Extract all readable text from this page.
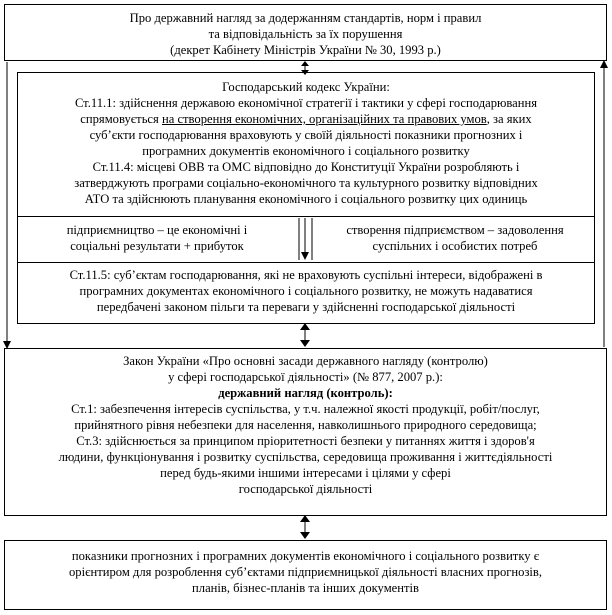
Про державний нагляд за додержанням стандартів, норм і правил
та відповідальність за їх порушення
(декрет Кабінету Міністрів України № 30, 1993 р.)
Господарський кодекс України:
Ст.11.1: здійснення державою економічної стратегії і тактики у сфері господарювання
спрямовується на створення економічних, організаційних та правових умов, за яких
суб’єкти господарювання враховують у своїй діяльності показники прогнозних і
програмних документів економічного і соціального розвитку
Ст.11.4: місцеві ОВВ та ОМС відповідно до Конституції України розробляють і
затверджують програми соціально-економічного та культурного розвитку відповідних
АТО та здійснюють планування економічного і соціального розвитку цих одиниць
підприємництво – це економічні і
соціальні результати + прибуток
створення підприємством – задоволення
суспільних і особистих потреб
Ст.11.5: суб’єктам господарювання, які не враховують суспільні інтереси, відображені в
програмних документах економічного і соціального розвитку, не можуть надаватися
передбачені законом пільги та переваги у здійсненні господарської діяльності
Закон України «Про основні засади державного нагляду (контролю)
у сфері господарської діяльності» (№ 877, 2007 р.):
державний нагляд (контроль):
Ст.1: забезпечення інтересів суспільства, у т.ч. належної якості продукції, робіт/послуг,
прийнятного рівня небезпеки для населення, навколишнього природного середовища;
Ст.3: здійснюється за принципом пріоритетності безпеки у питаннях життя і здоров'я
людини, функціонування і розвитку суспільства, середовища проживання і життєдіяльності
перед будь-якими іншими інтересами і цілями у сфері
господарської діяльності
показники прогнозних і програмних документів економічного і соціального розвитку є
орієнтиром для розроблення суб’єктами підприємницької діяльності власних прогнозів,
планів, бізнес-планів та інших документів
